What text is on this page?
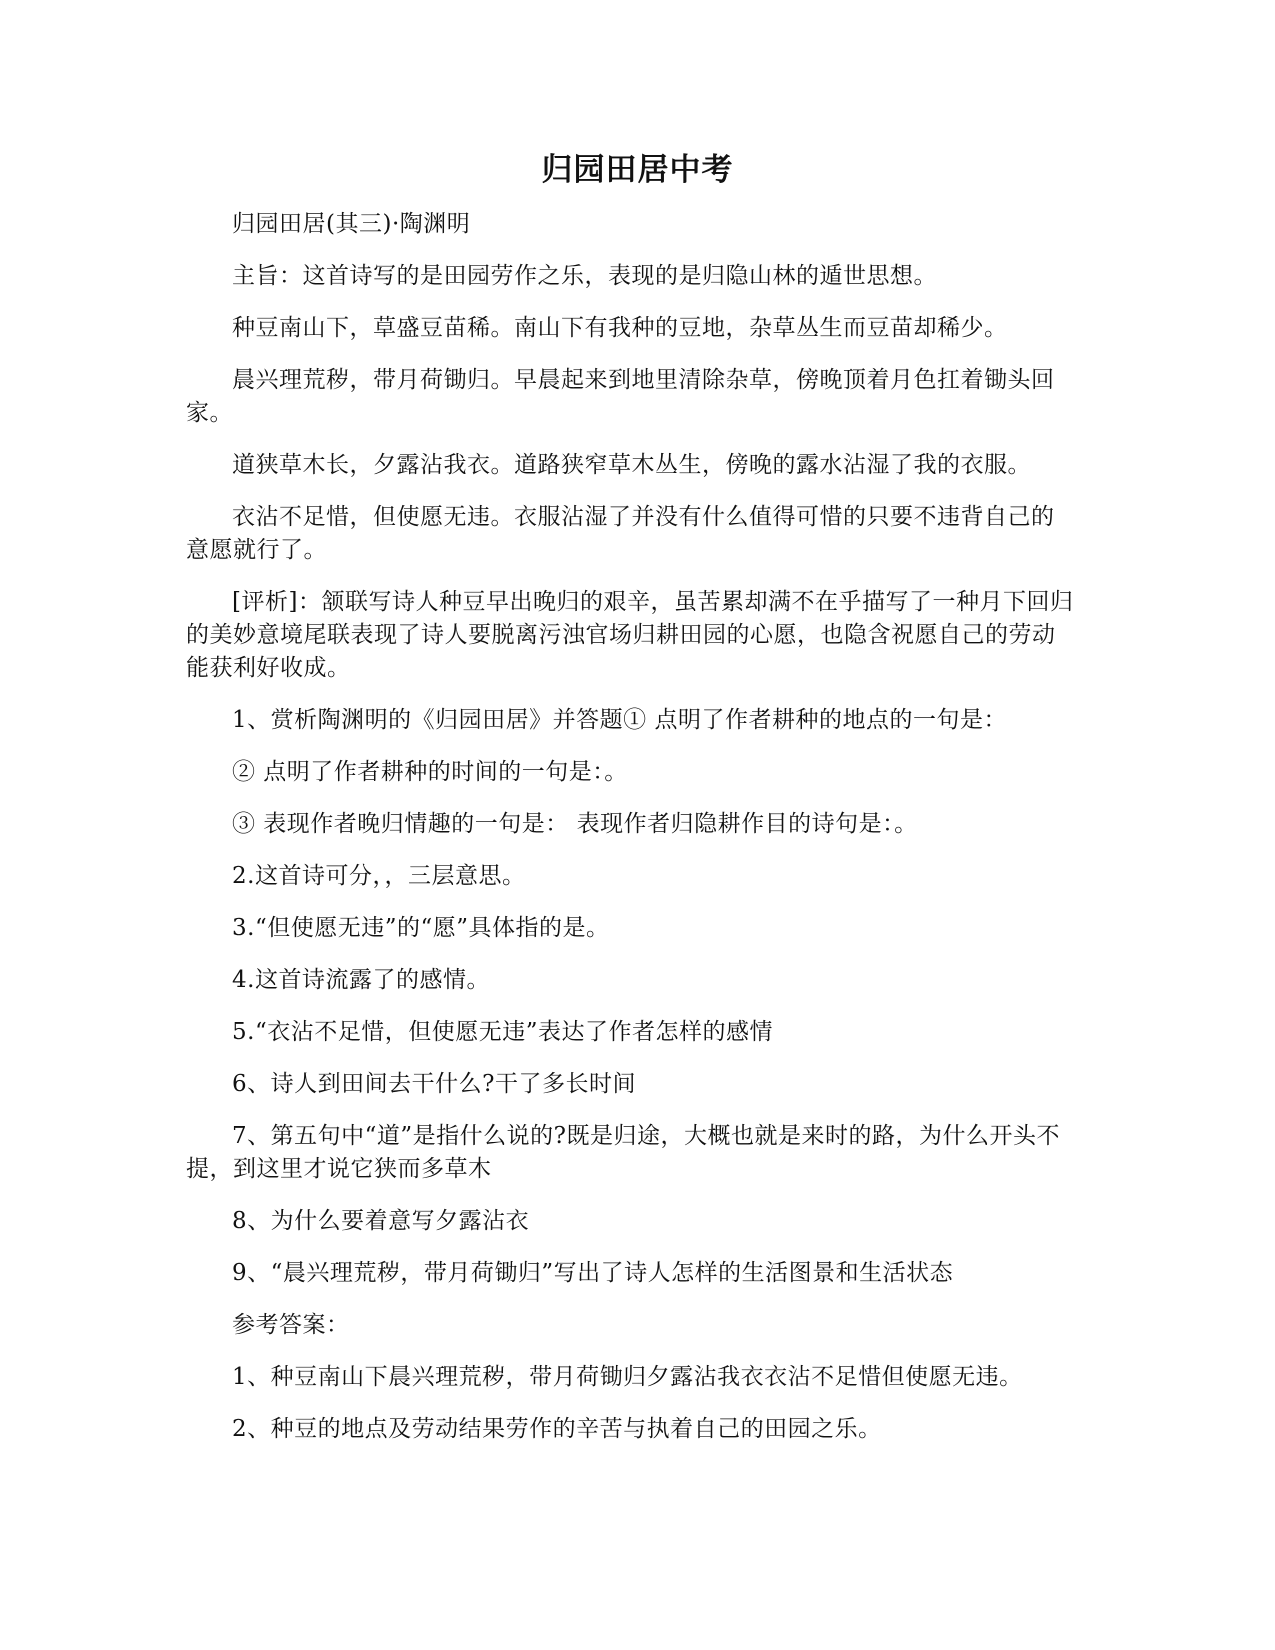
归园田居中考

归园田居(其三)·陶渊明

主旨：这首诗写的是田园劳作之乐，表现的是归隐山林的遁世思想。

种豆南山下，草盛豆苗稀。南山下有我种的豆地，杂草丛生而豆苗却稀少。

晨兴理荒秽，带月荷锄归。早晨起来到地里清除杂草，傍晚顶着月色扛着锄头回家。

道狭草木长，夕露沾我衣。道路狭窄草木丛生，傍晚的露水沾湿了我的衣服。

衣沾不足惜，但使愿无违。衣服沾湿了并没有什么值得可惜的只要不违背自己的意愿就行了。

[评析]：颔联写诗人种豆早出晚归的艰辛，虽苦累却满不在乎描写了一种月下回归的美妙意境尾联表现了诗人要脱离污浊官场归耕田园的心愿，也隐含祝愿自己的劳动能获利好收成。

1、赏析陶渊明的《归园田居》并答题① 点明了作者耕种的地点的一句是：

② 点明了作者耕种的时间的一句是：。

③ 表现作者晚归情趣的一句是： 表现作者归隐耕作目的诗句是：。

2.这首诗可分，，三层意思。

3.“但使愿无违”的“愿”具体指的是。

4.这首诗流露了的感情。

5.“衣沾不足惜，但使愿无违”表达了作者怎样的感情

6、诗人到田间去干什么?干了多长时间

7、第五句中“道”是指什么说的?既是归途，大概也就是来时的路，为什么开头不提，到这里才说它狭而多草木

8、为什么要着意写夕露沾衣

9、“晨兴理荒秽，带月荷锄归”写出了诗人怎样的生活图景和生活状态

参考答案：

1、种豆南山下晨兴理荒秽，带月荷锄归夕露沾我衣衣沾不足惜但使愿无违。

2、种豆的地点及劳动结果劳作的辛苦与执着自己的田园之乐。
